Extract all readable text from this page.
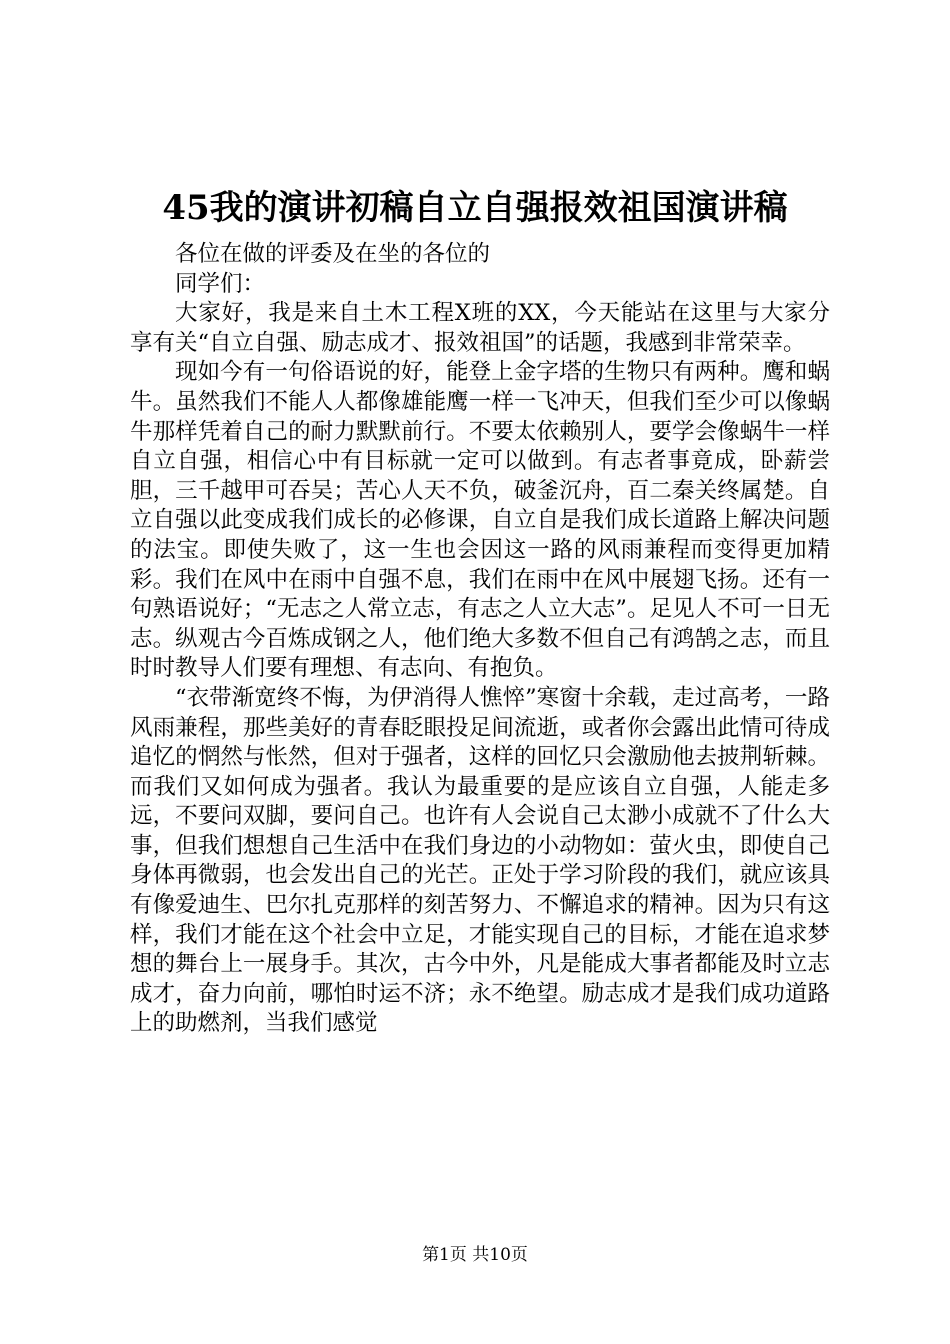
45我的演讲初稿自立自强报效祖国演讲稿

各位在做的评委及在坐的各位的

同学们：

大家好，我是来自土木工程X班的XX，今天能站在这里与大家分享有关“自立自强、励志成才、报效祖国”的话题，我感到非常荣幸。

现如今有一句俗语说的好，能登上金字塔的生物只有两种。鹰和蜗牛。虽然我们不能人人都像雄能鹰一样一飞冲天，但我们至少可以像蜗牛那样凭着自己的耐力默默前行。不要太依赖别人，要学会像蜗牛一样自立自强，相信心中有目标就一定可以做到。有志者事竟成，卧薪尝胆，三千越甲可吞吴；苦心人天不负，破釜沉舟，百二秦关终属楚。自立自强以此变成我们成长的必修课，自立自是我们成长道路上解决问题的法宝。即使失败了，这一生也会因这一路的风雨兼程而变得更加精彩。我们在风中在雨中自强不息，我们在雨中在风中展翅飞扬。还有一句熟语说好；“无志之人常立志，有志之人立大志”。足见人不可一日无志。纵观古今百炼成钢之人，他们绝大多数不但自己有鸿鹄之志，而且时时教导人们要有理想、有志向、有抱负。

“衣带渐宽终不悔，为伊消得人憔悴”寒窗十余载，走过高考，一路风雨兼程，那些美好的青春眨眼投足间流逝，或者你会露出此情可待成追忆的惘然与怅然，但对于强者，这样的回忆只会激励他去披荆斩棘。而我们又如何成为强者。我认为最重要的是应该自立自强，人能走多远，不要问双脚，要问自己。也许有人会说自己太渺小成就不了什么大事，但我们想想自己生活中在我们身边的小动物如：萤火虫，即使自己身体再微弱，也会发出自己的光芒。正处于学习阶段的我们，就应该具有像爱迪生、巴尔扎克那样的刻苦努力、不懈追求的精神。因为只有这样，我们才能在这个社会中立足，才能实现自己的目标，才能在追求梦想的舞台上一展身手。其次，古今中外，凡是能成大事者都能及时立志成才，奋力向前，哪怕时运不济；永不绝望。励志成才是我们成功道路上的助燃剂，当我们感觉

第1页 共10页
